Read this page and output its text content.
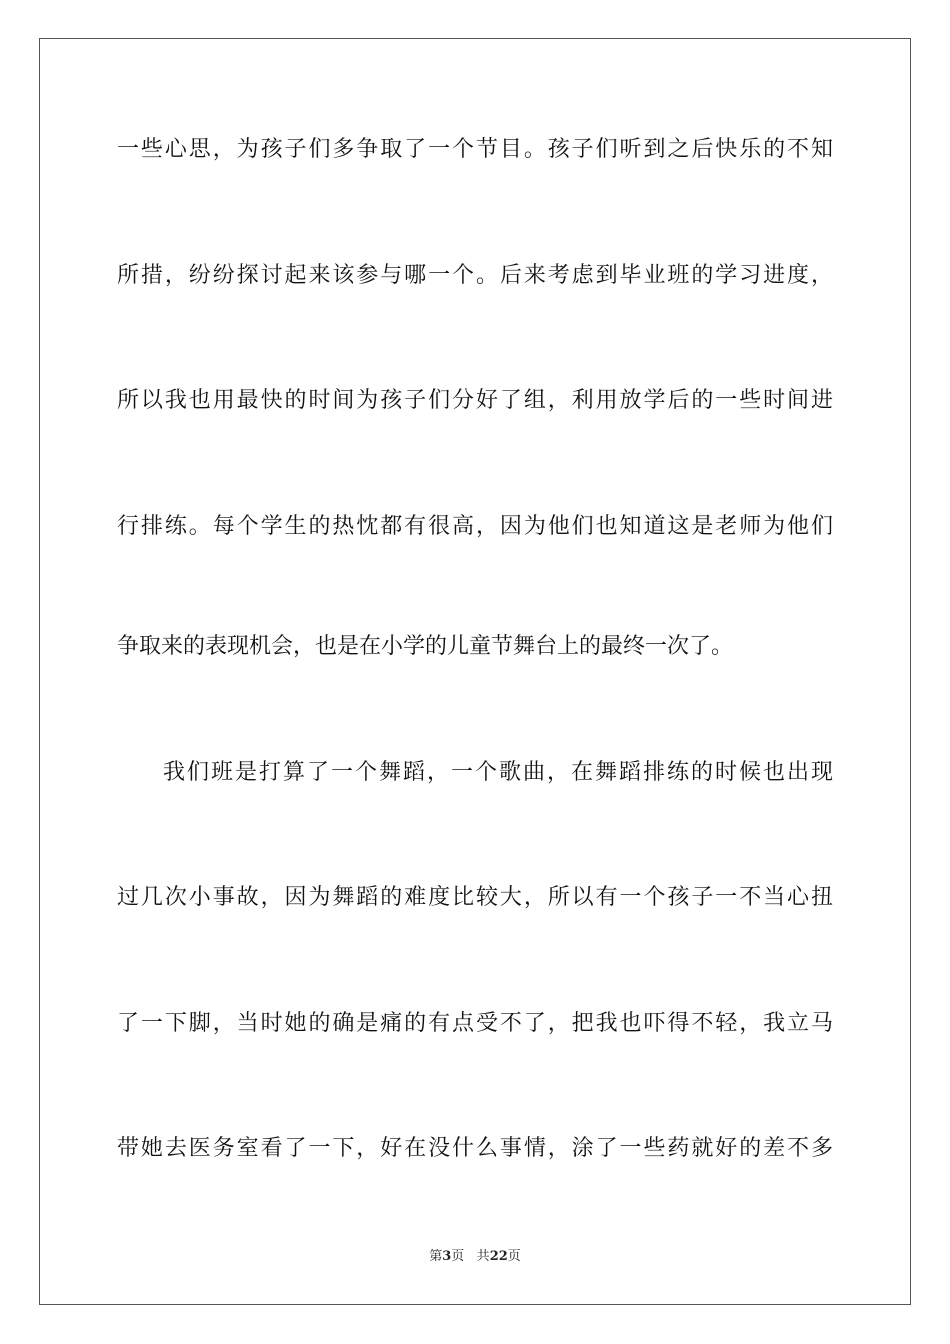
一些心思，为孩子们多争取了一个节目。孩子们听到之后快乐的不知
所措，纷纷探讨起来该参与哪一个。后来考虑到毕业班的学习进度，
所以我也用最快的时间为孩子们分好了组，利用放学后的一些时间进
行排练。每个学生的热忱都有很高，因为他们也知道这是老师为他们
争取来的表现机会，也是在小学的儿童节舞台上的最终一次了。
我们班是打算了一个舞蹈，一个歌曲，在舞蹈排练的时候也出现
过几次小事故，因为舞蹈的难度比较大，所以有一个孩子一不当心扭
了一下脚，当时她的确是痛的有点受不了，把我也吓得不轻，我立马
带她去医务室看了一下，好在没什么事情，涂了一些药就好的差不多
第3页 共22页
